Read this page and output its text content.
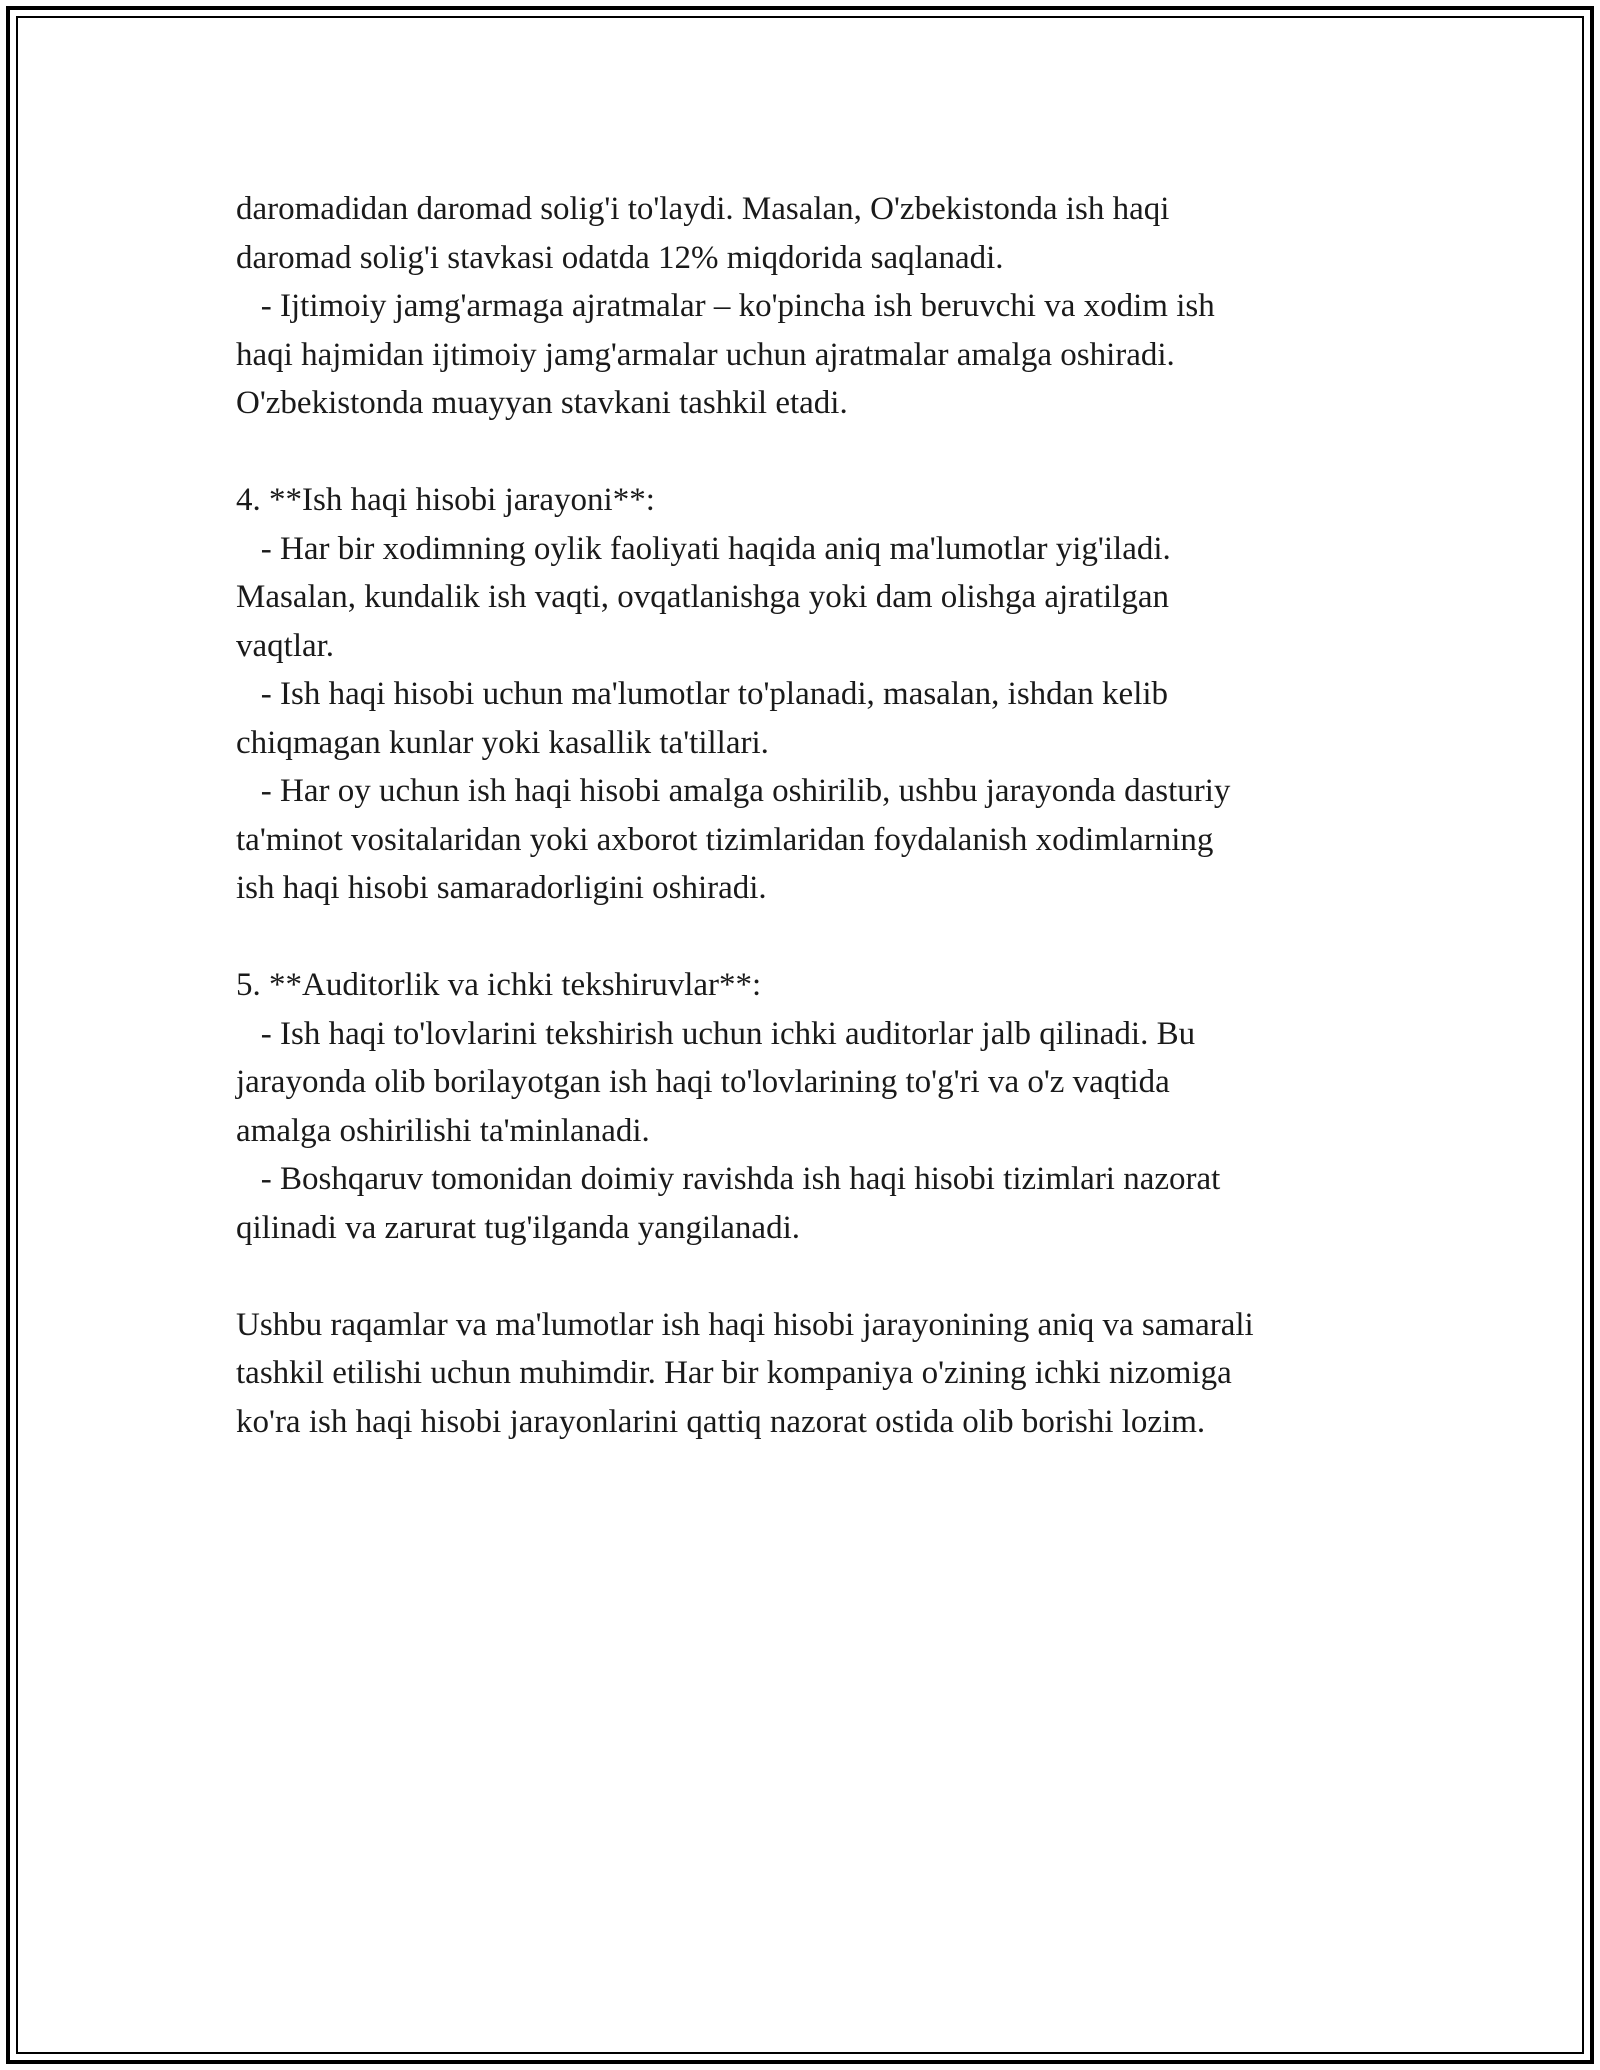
daromadidan daromad solig'i to'laydi. Masalan, O'zbekistonda ish haqi
daromad solig'i stavkasi odatda 12% miqdorida saqlanadi.
- Ijtimoiy jamg'armaga ajratmalar – ko'pincha ish beruvchi va xodim ish
haqi hajmidan ijtimoiy jamg'armalar uchun ajratmalar amalga oshiradi.
O'zbekistonda muayyan stavkani tashkil etadi.
4. **Ish haqi hisobi jarayoni**:
- Har bir xodimning oylik faoliyati haqida aniq ma'lumotlar yig'iladi.
Masalan, kundalik ish vaqti, ovqatlanishga yoki dam olishga ajratilgan
vaqtlar.
- Ish haqi hisobi uchun ma'lumotlar to'planadi, masalan, ishdan kelib
chiqmagan kunlar yoki kasallik ta'tillari.
- Har oy uchun ish haqi hisobi amalga oshirilib, ushbu jarayonda dasturiy
ta'minot vositalaridan yoki axborot tizimlaridan foydalanish xodimlarning
ish haqi hisobi samaradorligini oshiradi.
5. **Auditorlik va ichki tekshiruvlar**:
- Ish haqi to'lovlarini tekshirish uchun ichki auditorlar jalb qilinadi. Bu
jarayonda olib borilayotgan ish haqi to'lovlarining to'g'ri va o'z vaqtida
amalga oshirilishi ta'minlanadi.
- Boshqaruv tomonidan doimiy ravishda ish haqi hisobi tizimlari nazorat
qilinadi va zarurat tug'ilganda yangilanadi.
Ushbu raqamlar va ma'lumotlar ish haqi hisobi jarayonining aniq va samarali
tashkil etilishi uchun muhimdir. Har bir kompaniya o'zining ichki nizomiga
ko'ra ish haqi hisobi jarayonlarini qattiq nazorat ostida olib borishi lozim.
